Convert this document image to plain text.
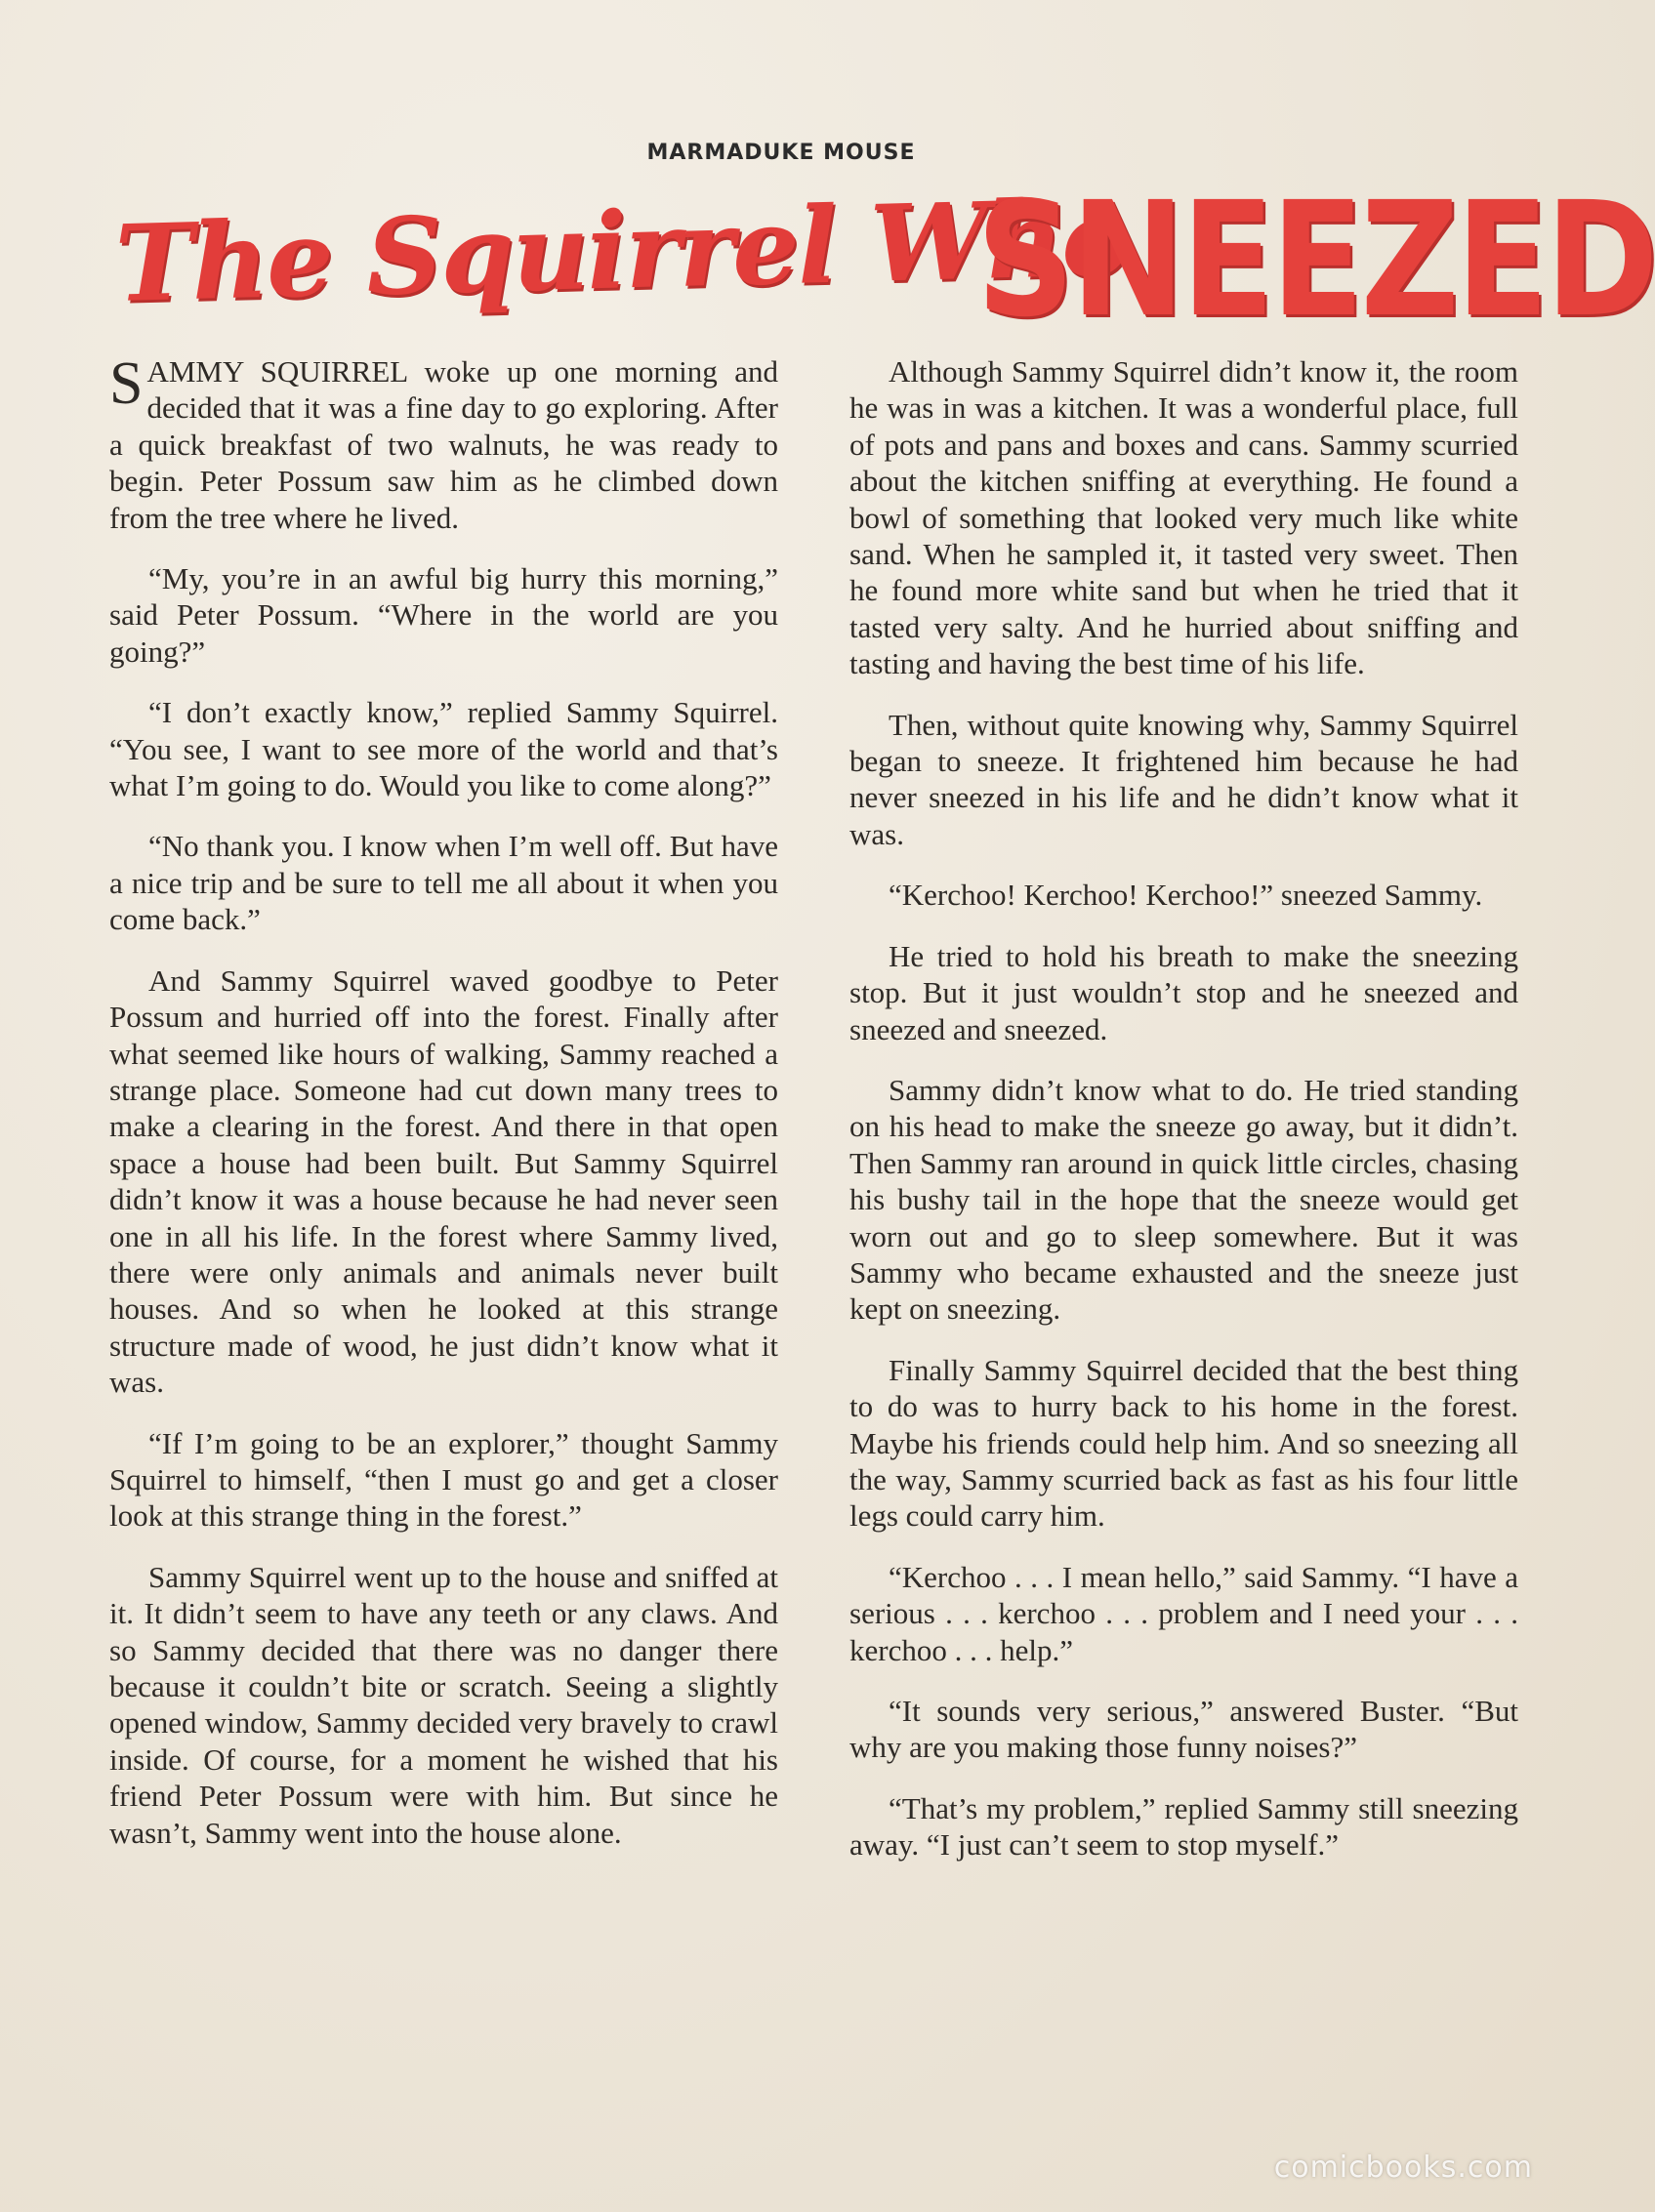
MARMADUKE MOUSE
The Squirrel Who
SNEEZED

SAMMY SQUIRREL woke up one morning and decided that it was a fine day to go exploring. After a quick breakfast of two walnuts, he was ready to begin. Peter Possum saw him as he climbed down from the tree where he lived.

“My, you’re in an awful big hurry this morning,” said Peter Possum. “Where in the world are you going?”

“I don’t exactly know,” replied Sammy Squirrel. “You see, I want to see more of the world and that’s what I’m going to do. Would you like to come along?”

“No thank you. I know when I’m well off. But have a nice trip and be sure to tell me all about it when you come back.”

And Sammy Squirrel waved goodbye to Peter Possum and hurried off into the forest. Finally after what seemed like hours of walking, Sammy reached a strange place. Someone had cut down many trees to make a clearing in the forest. And there in that open space a house had been built. But Sammy Squirrel didn’t know it was a house because he had never seen one in all his life. In the forest where Sammy lived, there were only animals and animals never built houses. And so when he looked at this strange structure made of wood, he just didn’t know what it was.

“If I’m going to be an explorer,” thought Sammy Squirrel to himself, “then I must go and get a closer look at this strange thing in the forest.”

Sammy Squirrel went up to the house and sniffed at it. It didn’t seem to have any teeth or any claws. And so Sammy decided that there was no danger there because it couldn’t bite or scratch. Seeing a slightly opened window, Sammy decided very bravely to crawl inside. Of course, for a moment he wished that his friend Peter Possum were with him. But since he wasn’t, Sammy went into the house alone.

Although Sammy Squirrel didn’t know it, the room he was in was a kitchen. It was a wonderful place, full of pots and pans and boxes and cans. Sammy scurried about the kitchen sniffing at everything. He found a bowl of something that looked very much like white sand. When he sampled it, it tasted very sweet. Then he found more white sand but when he tried that it tasted very salty. And he hurried about sniffing and tasting and having the best time of his life.

Then, without quite knowing why, Sammy Squirrel began to sneeze. It frightened him because he had never sneezed in his life and he didn’t know what it was.

“Kerchoo! Kerchoo! Kerchoo!” sneezed Sammy.

He tried to hold his breath to make the sneezing stop. But it just wouldn’t stop and he sneezed and sneezed and sneezed.

Sammy didn’t know what to do. He tried standing on his head to make the sneeze go away, but it didn’t. Then Sammy ran around in quick little circles, chasing his bushy tail in the hope that the sneeze would get worn out and go to sleep somewhere. But it was Sammy who became exhausted and the sneeze just kept on sneezing.

Finally Sammy Squirrel decided that the best thing to do was to hurry back to his home in the forest. Maybe his friends could help him. And so sneezing all the way, Sammy scurried back as fast as his four little legs could carry him.

“Kerchoo . . . I mean hello,” said Sammy. “I have a serious . . . kerchoo . . . problem and I need your . . . kerchoo . . . help.”

“It sounds very serious,” answered Buster. “But why are you making those funny noises?”

“That’s my problem,” replied Sammy still sneezing away. “I just can’t seem to stop myself.”

comicbooks.com
